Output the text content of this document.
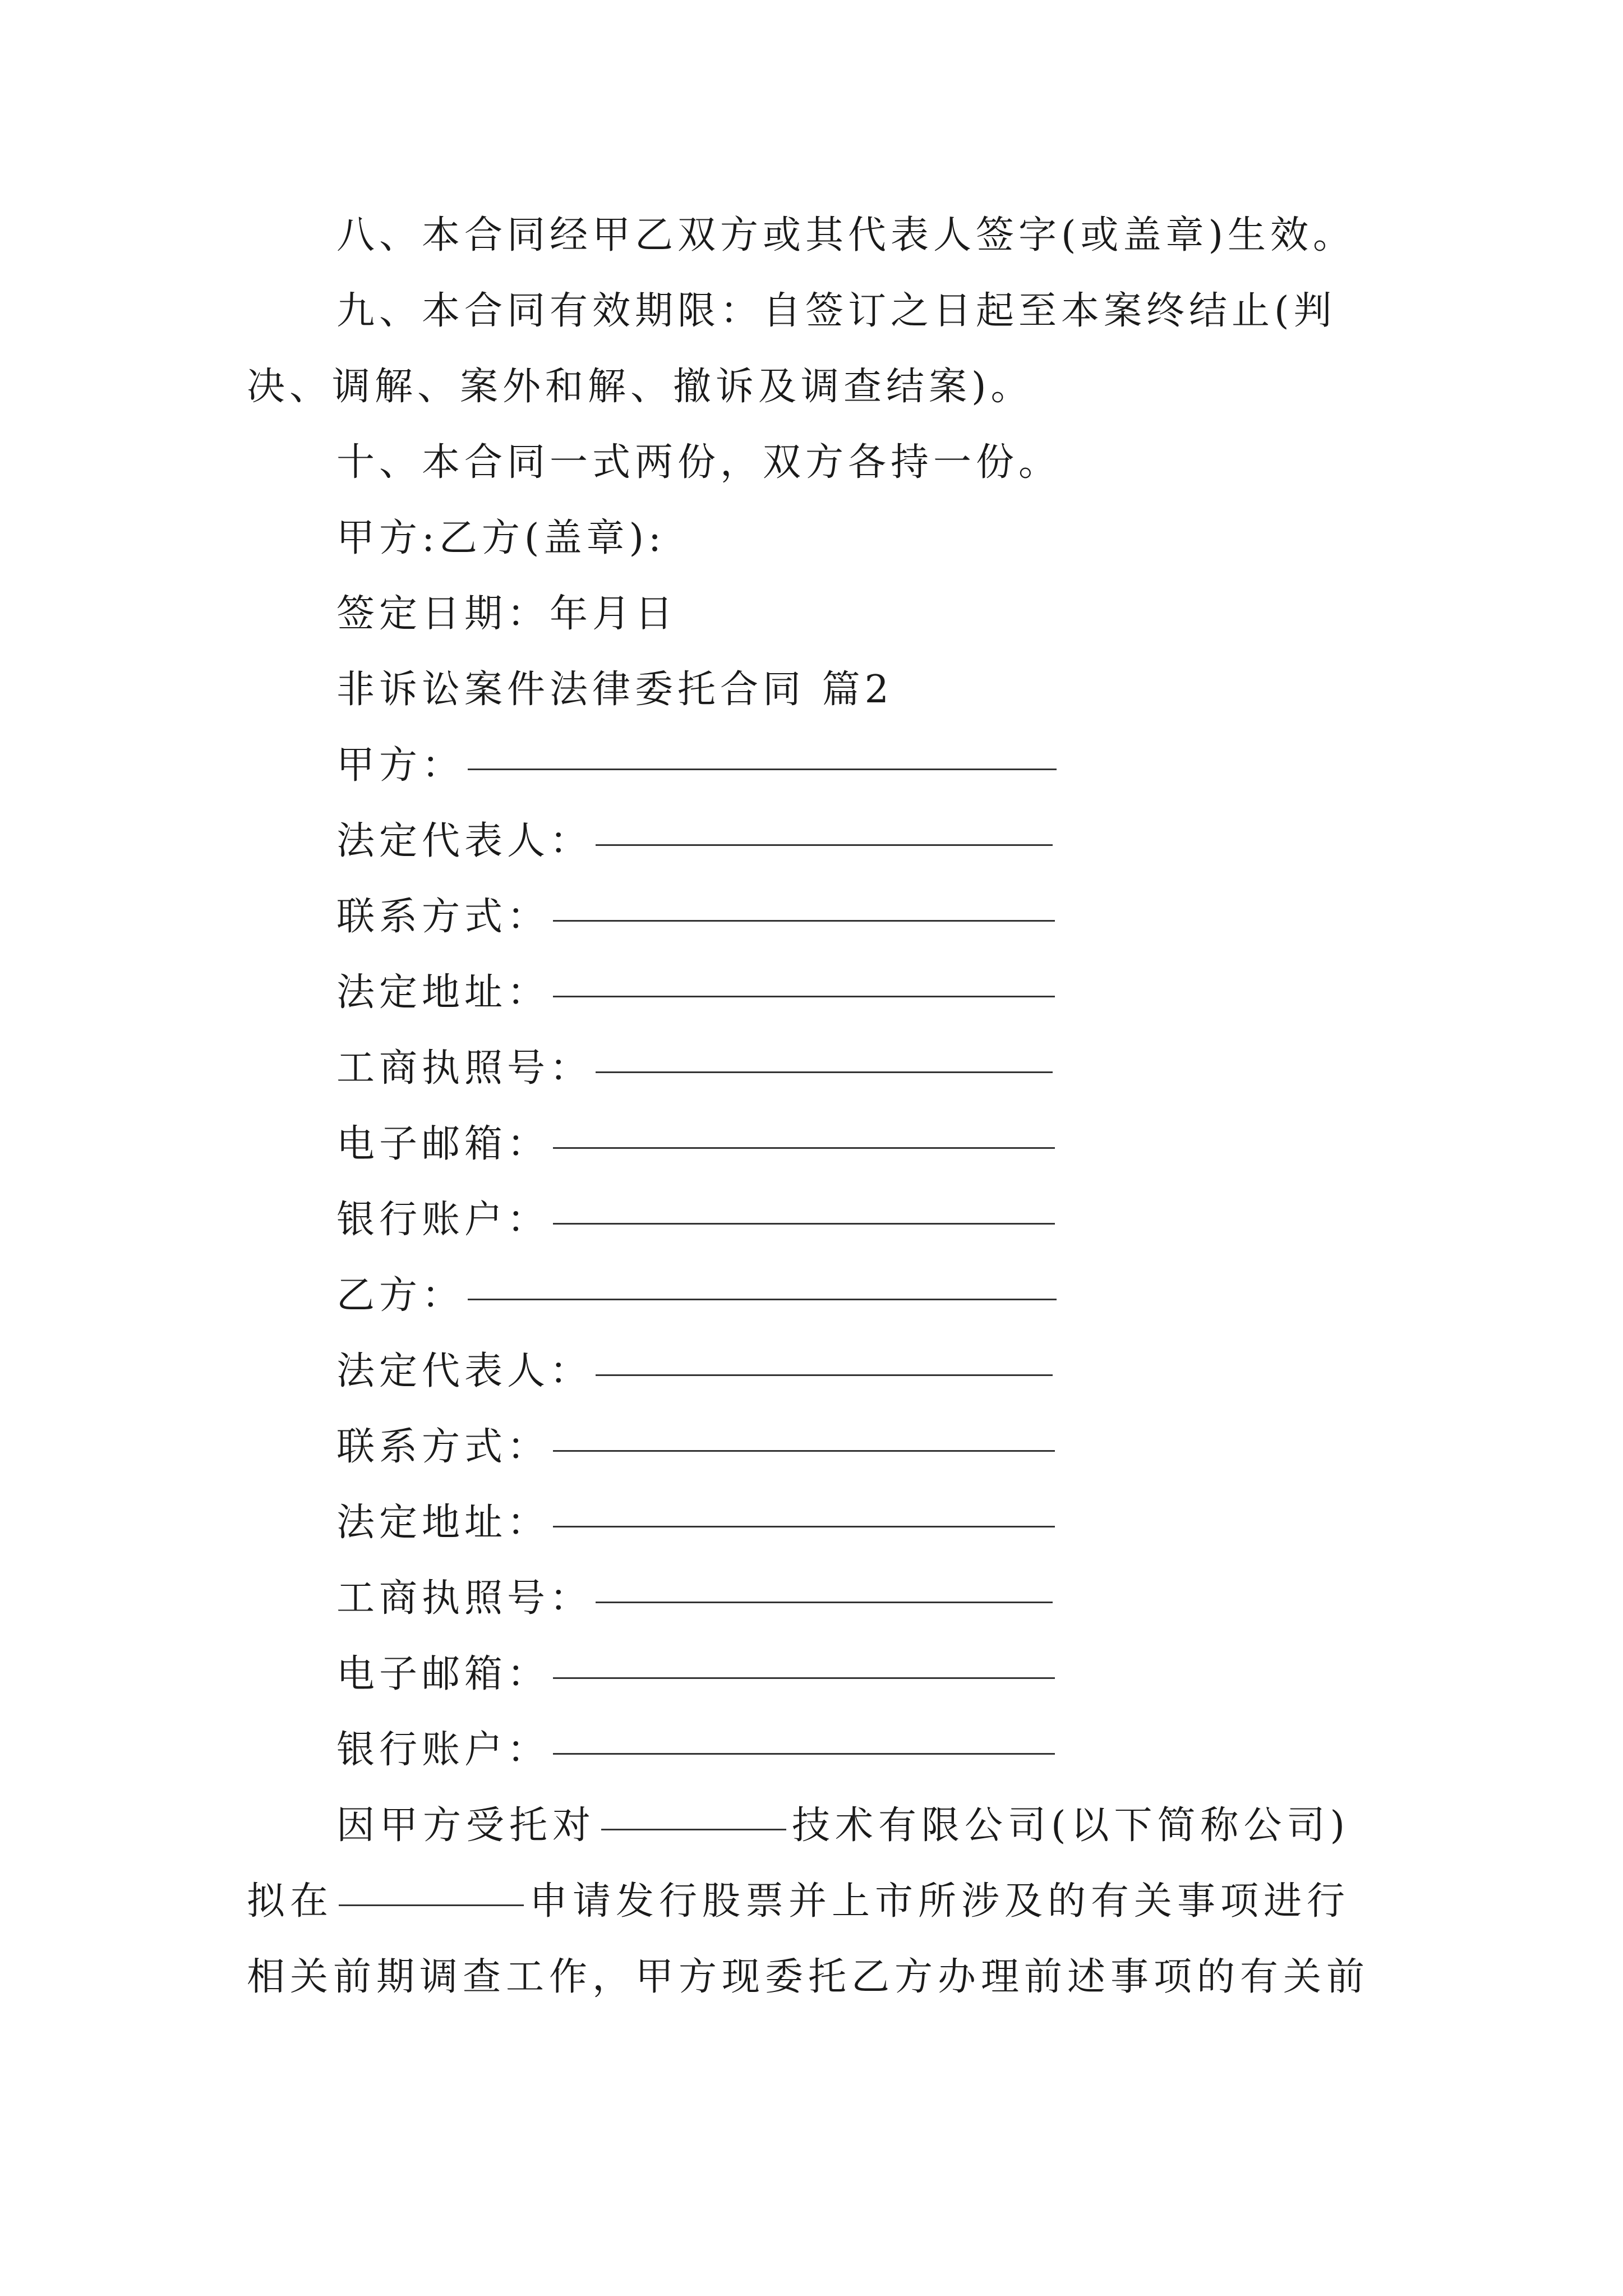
八、本合同经甲乙双方或其代表人签字(或盖章)生效。
九、本合同有效期限：自签订之日起至本案终结止(判
决、调解、案外和解、撤诉及调查结案)。
十、本合同一式两份，双方各持一份。
甲方:乙方(盖章):
签定日期：年月日
非诉讼案件法律委托合同 篇2
甲方：
法定代表人：
联系方式：
法定地址：
工商执照号：
电子邮箱：
银行账户：
乙方：
法定代表人：
联系方式：
法定地址：
工商执照号：
电子邮箱：
银行账户：
因甲方受托对	技术有限公司(以下简称公司)
拟在	申请发行股票并上市所涉及的有关事项进行
相关前期调查工作，甲方现委托乙方办理前述事项的有关前
